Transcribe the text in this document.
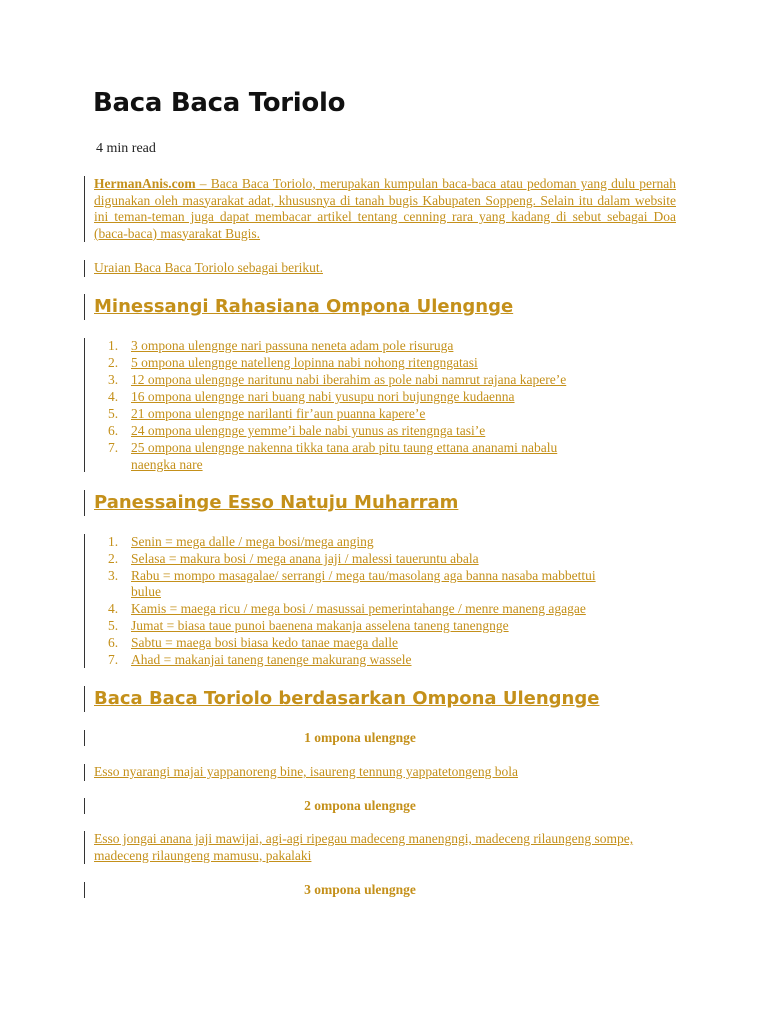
Baca Baca Toriolo
4 min read

HermanAnis.com – Baca Baca Toriolo, merupakan kumpulan baca-baca atau pedoman yang dulu pernah digunakan oleh masyarakat adat, khususnya di tanah bugis Kabupaten Soppeng. Selain itu dalam website ini teman-teman juga dapat membacar artikel tentang cenning rara yang kadang di sebut sebagai Doa (baca-baca) masyarakat Bugis.

Uraian Baca Baca Toriolo sebagai berikut.

Minessangi Rahasiana Ompona Ulengnge
1. 3 ompona ulengnge nari passuna neneta adam pole risuruga
2. 5 ompona ulengnge natelleng lopinna nabi nohong ritengngatasi
3. 12 ompona ulengnge naritunu nabi iberahim as pole nabi namrut rajana kapere’e
4. 16 ompona ulengnge nari buang nabi yusupu nori bujungnge kudaenna
5. 21 ompona ulengnge narilanti fir’aun puanna kapere’e
6. 24 ompona ulengnge yemme’i bale nabi yunus as ritengnga tasi’e
7. 25 ompona ulengnge nakenna tikka tana arab pitu taung ettana ananami nabalu
naengka nare
Panessainge Esso Natuju Muharram
1. Senin = mega dalle / mega bosi/mega anging
2. Selasa = makura bosi / mega anana jaji / malessi taueruntu abala
3. Rabu = mompo masagalae/ serrangi / mega tau/masolang aga banna nasaba mabbettui
bulue
4. Kamis = maega ricu / mega bosi / masussai pemerintahange / menre maneng agagae
5. Jumat = biasa taue punoi baenena makanja asselena taneng tanengnge
6. Sabtu = maega bosi biasa kedo tanae maega dalle
7. Ahad = makanjai taneng tanenge makurang wassele
Baca Baca Toriolo berdasarkan Ompona Ulengnge
1 ompona ulengnge

Esso nyarangi majai yappanoreng bine, isaureng tennung yappatetongeng bola

2 ompona ulengnge

Esso jongai anana jaji mawijai, agi-agi ripegau madeceng manengngi, madeceng rilaungeng sompe, madeceng rilaungeng mamusu, pakalaki

3 ompona ulengnge
